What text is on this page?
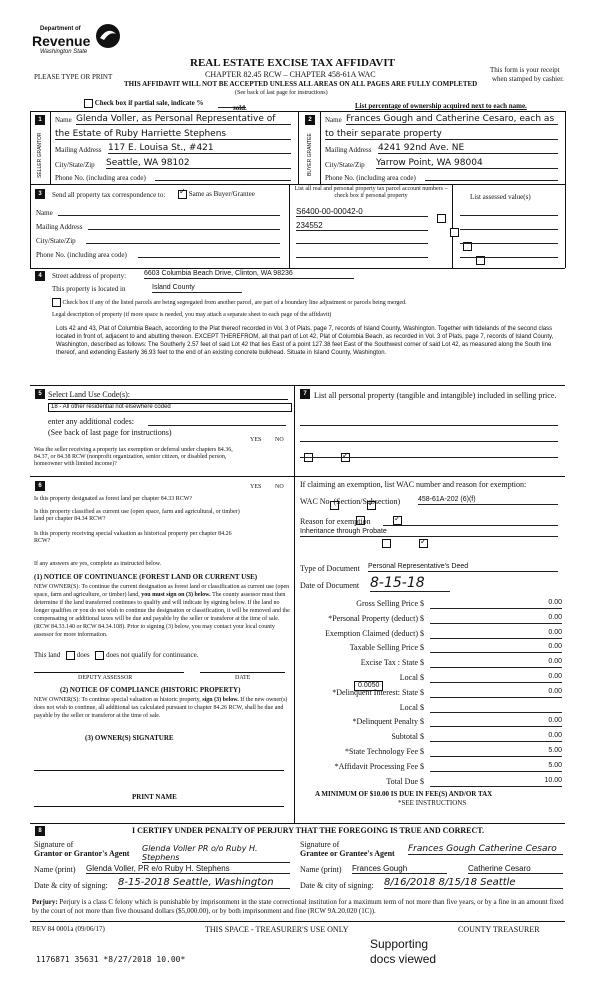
Department of
Revenue
Washington State
PLEASE TYPE OR PRINT
REAL ESTATE EXCISE TAX AFFIDAVIT
CHAPTER 82.45 RCW – CHAPTER 458-61A WAC
THIS AFFIDAVIT WILL NOT BE ACCEPTED UNLESS ALL AREAS ON ALL PAGES ARE FULLY COMPLETED
(See back of last page for instructions)
This form is your receipt
when stamped by cashier.
Check box if partial sale, indicate %
sold.	List percentage of ownership acquired next to each name.
1
SELLER GRANTOR
Name Glenda Voller, as Personal Representative of
the Estate of Ruby Harriette Stephens
Mailing Address 117 E. Louisa St., #421
City/State/Zip Seattle, WA 98102
Phone No. (including area code)
2
BUYER GRANTEE
Name Frances Gough and Catherine Cesaro, each as
to their separate property
Mailing Address 4241 92nd Ave. NE
City/State/Zip Yarrow Point, WA 98004
Phone No. (including area code)
3	Send all property tax correspondence to:
✓	Same as Buyer/Grantee
List all real and personal property tax parcel account numbers – check box if personal property	List assessed value(s)
Name
Mailing Address
City/State/Zip
Phone No. (including area code)
S6400-00-00042-0
234552

4	Street address of property:	6603 Columbia Beach Drive, Clinton, WA 98236
This property is located in	Island County
Check box if any of the listed parcels are being segregated from another parcel, are part of a boundary line adjustment or parcels being merged.
Legal description of property (if more space is needed, you may attach a separate sheet to each page of the affidavit)
Lots 42 and 43, Plat of Columbia Beach, according to the Plat thereof recorded in Vol. 3 of Plats, page 7, records of Island County, Washington. Together with tidelands of the second class located in front of, adjacent to and abutting thereon. EXCEPT THEREFROM, all that part of Lot 42, Plat of Columbia Beach, as recorded in Vol. 3 of Plats, page 7, records of Island County, Washington, described as follows: The Southerly 2.57 feet of said Lot 42 that lies East of a point 127.38 feet East of the Southwest corner of said Lot 42, as measured along the South line thereof, and extending Easterly 36.93 feet to the end of an existing concrete bulkhead. Situate in Island County, Washington.
5 Select Land Use Code(s):
18 - All other residential not elsewhere coded
enter any additional codes:
(See back of last page for instructions)
YES NO
Was the seller receiving a property tax exemption or deferral under chapters 84.36, 84.37, or 84.38 RCW (nonprofit organization, senior citizen, or disabled person, homeowner with limited income)?
✓
7 List all personal property (tangible and intangible) included in selling price.
6	YES NO
Is this property designated as forest land per chapter 84.33 RCW?
✓
Is this property classified as current use (open space, farm and agricultural, or timber) land per chapter 84.34 RCW?
✓
Is this property receiving special valuation as historical property per chapter 84.26 RCW?
✓
If any answers are yes, complete as instructed below.
(1) NOTICE OF CONTINUANCE (FOREST LAND OR CURRENT USE)
NEW OWNER(S): To continue the current designation as forest land or classification as current use (open space, farm and agriculture, or timber) land, you must sign on (3) below. The county assessor must then determine if the land transferred continues to qualify and will indicate by signing below. If the land no longer qualifies or you do not wish to continue the designation or classification, it will be removed and the compensating or additional taxes will be due and payable by the seller or transferor at the time of sale. (RCW 84.33.140 or RCW 84.34.108). Prior to signing (3) below, you may contact your local county assessor for more information.
This land does does not qualify for continuance.
DEPUTY ASSESSOR	DATE
(2) NOTICE OF COMPLIANCE (HISTORIC PROPERTY)
NEW OWNER(S): To continue special valuation as historic property, sign (3) below. If the new owner(s) does not wish to continue, all additional tax calculated pursuant to chapter 84.26 RCW, shall be due and payable by the seller or transferor at the time of sale.
(3) OWNER(S) SIGNATURE
PRINT NAME
If claiming an exemption, list WAC number and reason for exemption:
WAC No. (Section/Subsection)	458-61A-202 (6)(f)
Reason for exemption
Inheritance through Probate
Type of Document Personal Representative's Deed
Date of Document 8-15-18
Gross Selling Price $	0.00
*Personal Property (deduct) $	0.00
Exemption Claimed (deduct) $	0.00
Taxable Selling Price $	0.00
Excise Tax : State $	0.00
Local $	0.00
*Delinquent Interest: State $	0.00
Local $
*Delinquent Penalty $	0.00
Subtotal $	0.00
*State Technology Fee $	5.00
*Affidavit Processing Fee $	5.00
Total Due $	10.00
0.0050
A MINIMUM OF $10.00 IS DUE IN FEE(S) AND/OR TAX
*SEE INSTRUCTIONS
8	I CERTIFY UNDER PENALTY OF PERJURY THAT THE FOREGOING IS TRUE AND CORRECT.
Signature of
Grantor or Grantor's Agent
Glenda Voller PR o/o Ruby H. Stephens
Name (print) Glenda Voller, PR e/o Ruby H. Stephens
Date & city of signing: 8-15-2018 Seattle, Washington
Signature of
Grantee or Grantee's Agent Frances Gough Catherine Cesaro
Name (print) Frances Gough	Catherine Cesaro
Date & city of signing: 8/16/2018 8/15/18 Seattle
Perjury: Perjury is a class C felony which is punishable by imprisonment in the state correctional institution for a maximum term of not more than five years, or by a fine in an amount fixed by the court of not more than five thousand dollars ($5,000.00), or by both imprisonment and fine (RCW 9A.20.020 (1C)).
REV 84 0001a (09/06/17)	THIS SPACE - TREASURER'S USE ONLY	COUNTY TREASURER
1176871 35631 *8/27/2018 10.00*
Supporting
docs viewed
